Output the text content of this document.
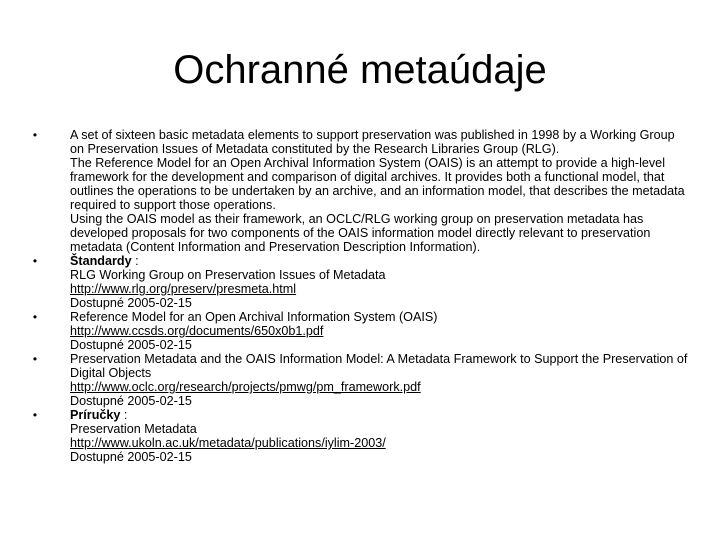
Ochranné metaúdaje
•	A set of sixteen basic metadata elements to support preservation was published in 1998 by a Working Group on Preservation Issues of Metadata constituted by the Research Libraries Group (RLG).
The Reference Model for an Open Archival Information System (OAIS) is an attempt to provide a high-level framework for the development and comparison of digital archives. It provides both a functional model, that outlines the operations to be undertaken by an archive, and an information model, that describes the metadata required to support those operations.
Using the OAIS model as their framework, an OCLC/RLG working group on preservation metadata has developed proposals for two components of the OAIS information model directly relevant to preservation metadata (Content Information and Preservation Description Information).
•	Štandardy :
RLG Working Group on Preservation Issues of Metadata
http://www.rlg.org/preserv/presmeta.html
Dostupné 2005-02-15
•	Reference Model for an Open Archival Information System (OAIS)
http://www.ccsds.org/documents/650x0b1.pdf
Dostupné 2005-02-15
•	Preservation Metadata and the OAIS Information Model: A Metadata Framework to Support the Preservation of Digital Objects
http://www.oclc.org/research/projects/pmwg/pm_framework.pdf
Dostupné 2005-02-15
•	Príručky :
Preservation Metadata
http://www.ukoln.ac.uk/metadata/publications/iylim-2003/
Dostupné 2005-02-15
